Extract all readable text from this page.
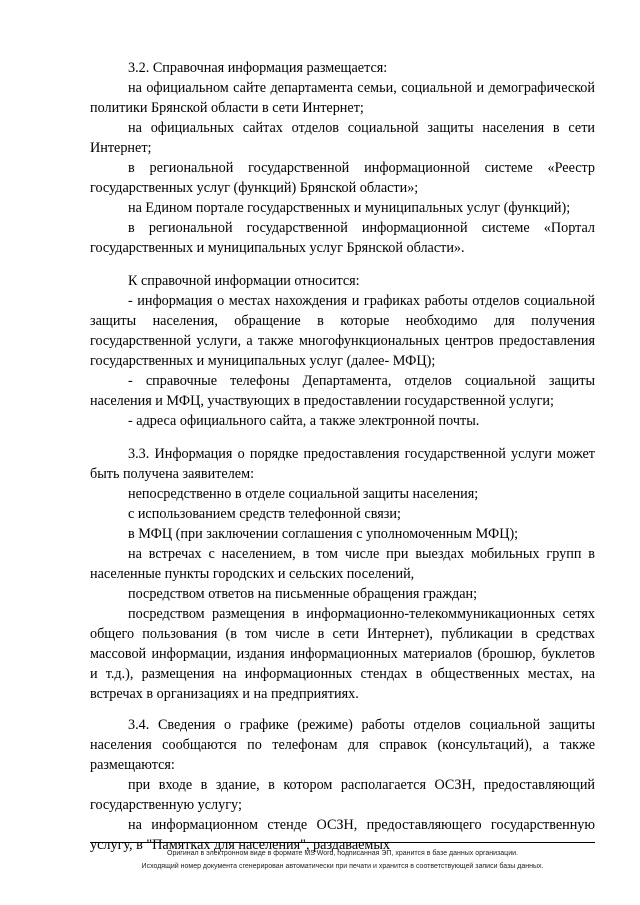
3.2. Справочная информация размещается:

на официальном сайте департамента семьи, социальной и демографической политики Брянской области в сети Интернет;

на официальных сайтах отделов социальной защиты населения в сети Интернет;

в региональной государственной информационной системе «Реестр государственных услуг (функций) Брянской области»;

на Едином портале государственных и муниципальных услуг (функций);

в региональной государственной информационной системе «Портал государственных и муниципальных услуг Брянской области».

К справочной информации относится:

- информация о местах нахождения и графиках работы отделов социальной защиты населения, обращение в которые необходимо для получения государственной услуги, а также многофункциональных центров предоставления государственных и муниципальных услуг (далее- МФЦ);

- справочные телефоны Департамента, отделов социальной защиты населения и МФЦ, участвующих в предоставлении государственной услуги;

- адреса официального сайта, а также электронной почты.

3.3. Информация о порядке предоставления государственной услуги может быть получена заявителем:

непосредственно в отделе социальной защиты населения;

с использованием средств телефонной связи;

в МФЦ (при заключении соглашения с уполномоченным МФЦ);

на встречах с населением, в том числе при выездах мобильных групп в населенные пункты городских и сельских поселений,

посредством ответов на письменные обращения граждан;

посредством размещения в информационно-телекоммуникационных сетях общего пользования (в том числе в сети Интернет), публикации в средствах массовой информации, издания информационных материалов (брошюр, буклетов и т.д.), размещения на информационных стендах в общественных местах, на встречах в организациях и на предприятиях.

3.4. Сведения о графике (режиме) работы отделов социальной защиты населения сообщаются по телефонам для справок (консультаций), а также размещаются:

при входе в здание, в котором располагается ОСЗН, предоставляющий государственную услугу;

на информационном стенде ОСЗН, предоставляющего государственную услугу, в "Памятках для населения", раздаваемых

Оригинал в электронном виде в формате MS Word, подписанная ЭП, хранится в базе данных организации.
Исходящий номер документа сгенерирован автоматически при печати и хранится в соответствующей записи базы данных.
